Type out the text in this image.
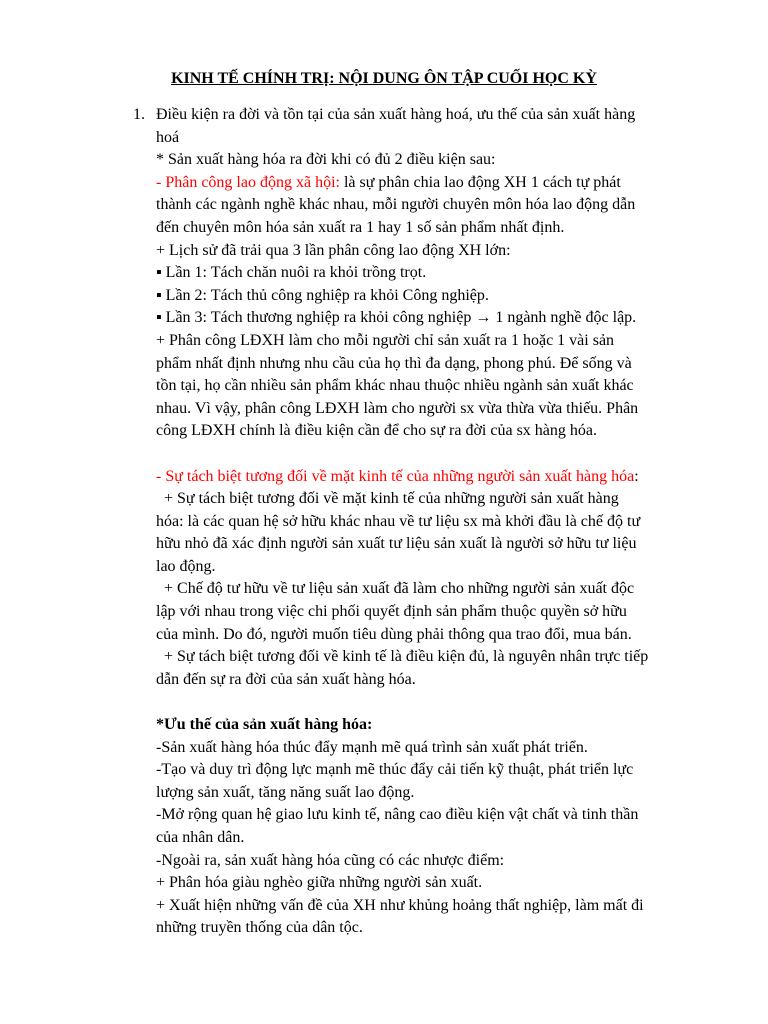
KINH TẾ CHÍNH TRỊ: NỘI DUNG ÔN TẬP CUỐI HỌC KỲ
1. Điều kiện ra đời và tồn tại của sản xuất hàng hoá, ưu thế của sản xuất hàng
hoá
* Sản xuất hàng hóa ra đời khi có đủ 2 điều kiện sau:
- Phân công lao động xã hội: là sự phân chia lao động XH 1 cách tự phát
thành các ngành nghề khác nhau, mỗi người chuyên môn hóa lao động dẫn
đến chuyên môn hóa sản xuất ra 1 hay 1 số sản phẩm nhất định.
+ Lịch sử đã trải qua 3 lần phân công lao động XH lớn:
▪ Lần 1: Tách chăn nuôi ra khỏi trồng trọt.
▪ Lần 2: Tách thủ công nghiệp ra khỏi Công nghiệp.
▪ Lần 3: Tách thương nghiệp ra khỏi công nghiệp → 1 ngành nghề độc lập.
+ Phân công LĐXH làm cho mỗi người chỉ sản xuất ra 1 hoặc 1 vài sản
phẩm nhất định nhưng nhu cầu của họ thì đa dạng, phong phú. Để sống và
tồn tại, họ cần nhiều sản phẩm khác nhau thuộc nhiều ngành sản xuất khác
nhau. Vì vậy, phân công LĐXH làm cho người sx vừa thừa vừa thiếu. Phân
công LĐXH chính là điều kiện cần để cho sự ra đời của sx hàng hóa.
- Sự tách biệt tương đối về mặt kinh tế của những người sản xuất hàng hóa:
+ Sự tách biệt tương đối về mặt kinh tế của những người sản xuất hàng
hóa: là các quan hệ sở hữu khác nhau về tư liệu sx mà khởi đầu là chế độ tư
hữu nhỏ đã xác định người sản xuất tư liệu sản xuất là người sở hữu tư liệu
lao động.
+ Chế độ tư hữu về tư liệu sản xuất đã làm cho những người sản xuất độc
lập với nhau trong việc chi phối quyết định sản phẩm thuộc quyền sở hữu
của mình. Do đó, người muốn tiêu dùng phải thông qua trao đổi, mua bán.
+ Sự tách biệt tương đối về kinh tế là điều kiện đủ, là nguyên nhân trực tiếp
dẫn đến sự ra đời của sản xuất hàng hóa.
*Ưu thế của sản xuất hàng hóa:
-Sản xuất hàng hóa thúc đẩy mạnh mẽ quá trình sản xuất phát triển.
-Tạo và duy trì động lực mạnh mẽ thúc đẩy cải tiến kỹ thuật, phát triển lực
lượng sản xuất, tăng năng suất lao động.
-Mở rộng quan hệ giao lưu kinh tế, nâng cao điều kiện vật chất và tinh thần
của nhân dân.
-Ngoài ra, sản xuất hàng hóa cũng có các nhược điểm:
+ Phân hóa giàu nghèo giữa những người sản xuất.
+ Xuất hiện những vấn đề của XH như khủng hoảng thất nghiệp, làm mất đi
những truyền thống của dân tộc.
